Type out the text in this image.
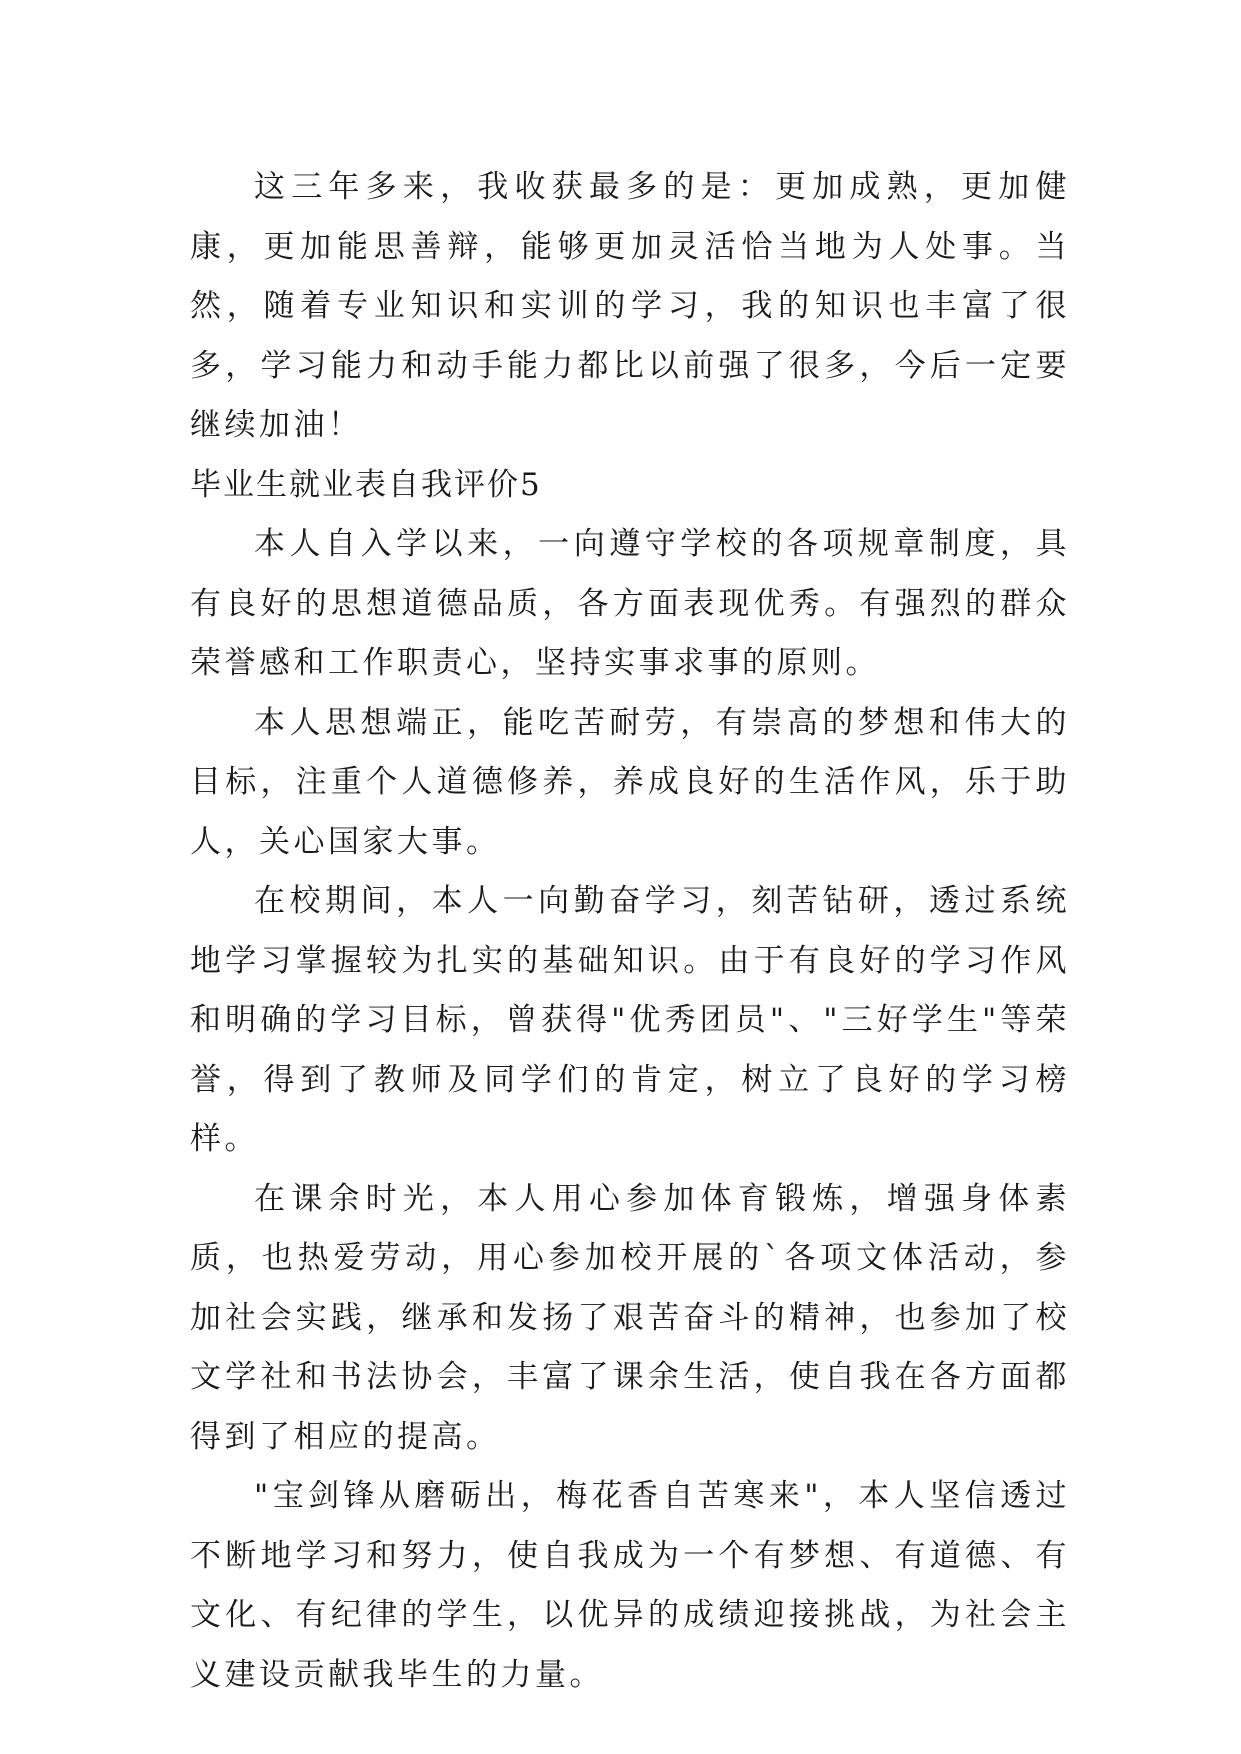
这三年多来，我收获最多的是：更加成熟，更加健康，更加能思善辩，能够更加灵活恰当地为人处事。当然，随着专业知识和实训的学习，我的知识也丰富了很多，学习能力和动手能力都比以前强了很多，今后一定要继续加油！

毕业生就业表自我评价5

本人自入学以来，一向遵守学校的各项规章制度，具有良好的思想道德品质，各方面表现优秀。有强烈的群众荣誉感和工作职责心，坚持实事求事的原则。

本人思想端正，能吃苦耐劳，有崇高的梦想和伟大的目标，注重个人道德修养，养成良好的生活作风，乐于助人，关心国家大事。

在校期间，本人一向勤奋学习，刻苦钻研，透过系统地学习掌握较为扎实的基础知识。由于有良好的学习作风和明确的学习目标，曾获得"优秀团员"、"三好学生"等荣誉，得到了教师及同学们的肯定，树立了良好的学习榜样。

在课余时光，本人用心参加体育锻炼，增强身体素质，也热爱劳动，用心参加校开展的`各项文体活动，参加社会实践，继承和发扬了艰苦奋斗的精神，也参加了校文学社和书法协会，丰富了课余生活，使自我在各方面都得到了相应的提高。

"宝剑锋从磨砺出，梅花香自苦寒来"，本人坚信透过不断地学习和努力，使自我成为一个有梦想、有道德、有文化、有纪律的学生，以优异的成绩迎接挑战，为社会主义建设贡献我毕生的力量。
